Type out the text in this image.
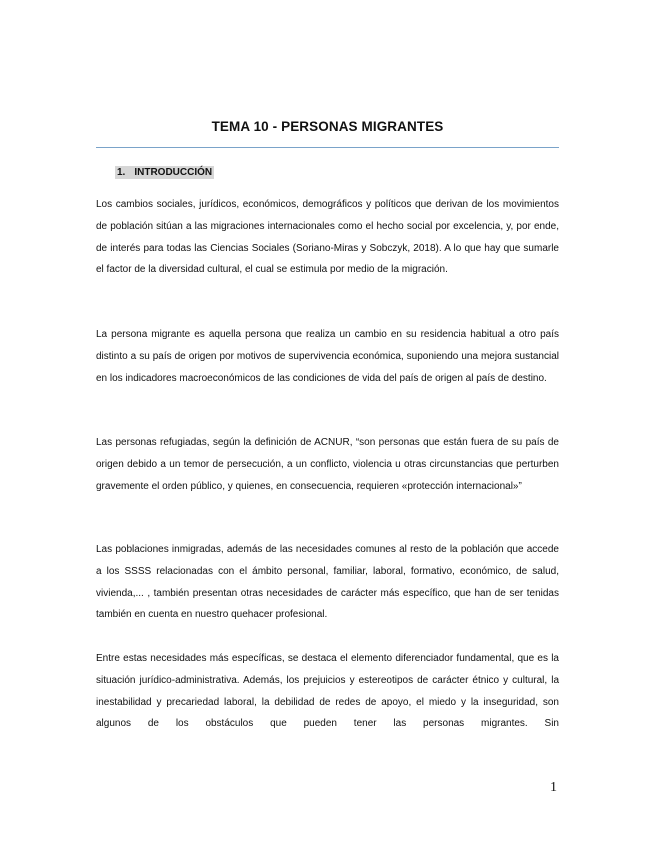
TEMA 10 - PERSONAS MIGRANTES
1. INTRODUCCIÓN

Los cambios sociales, jurídicos, económicos, demográficos y políticos que derivan de los movimientos de población sitúan a las migraciones internacionales como el hecho social por excelencia, y, por ende, de interés para todas las Ciencias Sociales (Soriano-Miras y Sobczyk, 2018). A lo que hay que sumarle el factor de la diversidad cultural, el cual se estimula por medio de la migración.

La persona migrante es aquella persona que realiza un cambio en su residencia habitual a otro país distinto a su país de origen por motivos de supervivencia económica, suponiendo una mejora sustancial en los indicadores macroeconómicos de las condiciones de vida del país de origen al país de destino.

Las personas refugiadas, según la definición de ACNUR, “son personas que están fuera de su país de origen debido a un temor de persecución, a un conflicto, violencia u otras circunstancias que perturben gravemente el orden público, y quienes, en consecuencia, requieren «protección internacional»”

Las poblaciones inmigradas, además de las necesidades comunes al resto de la población que accede a los SSSS relacionadas con el ámbito personal, familiar, laboral, formativo, económico, de salud, vivienda,... , también presentan otras necesidades de carácter más específico, que han de ser tenidas también en cuenta en nuestro quehacer profesional.

Entre estas necesidades más específicas, se destaca el elemento diferenciador fundamental, que es la situación jurídico-administrativa. Además, los prejuicios y estereotipos de carácter étnico y cultural, la inestabilidad y precariedad laboral, la debilidad de redes de apoyo, el miedo y la inseguridad, son algunos de los obstáculos que pueden tener las personas migrantes. Sin

1
